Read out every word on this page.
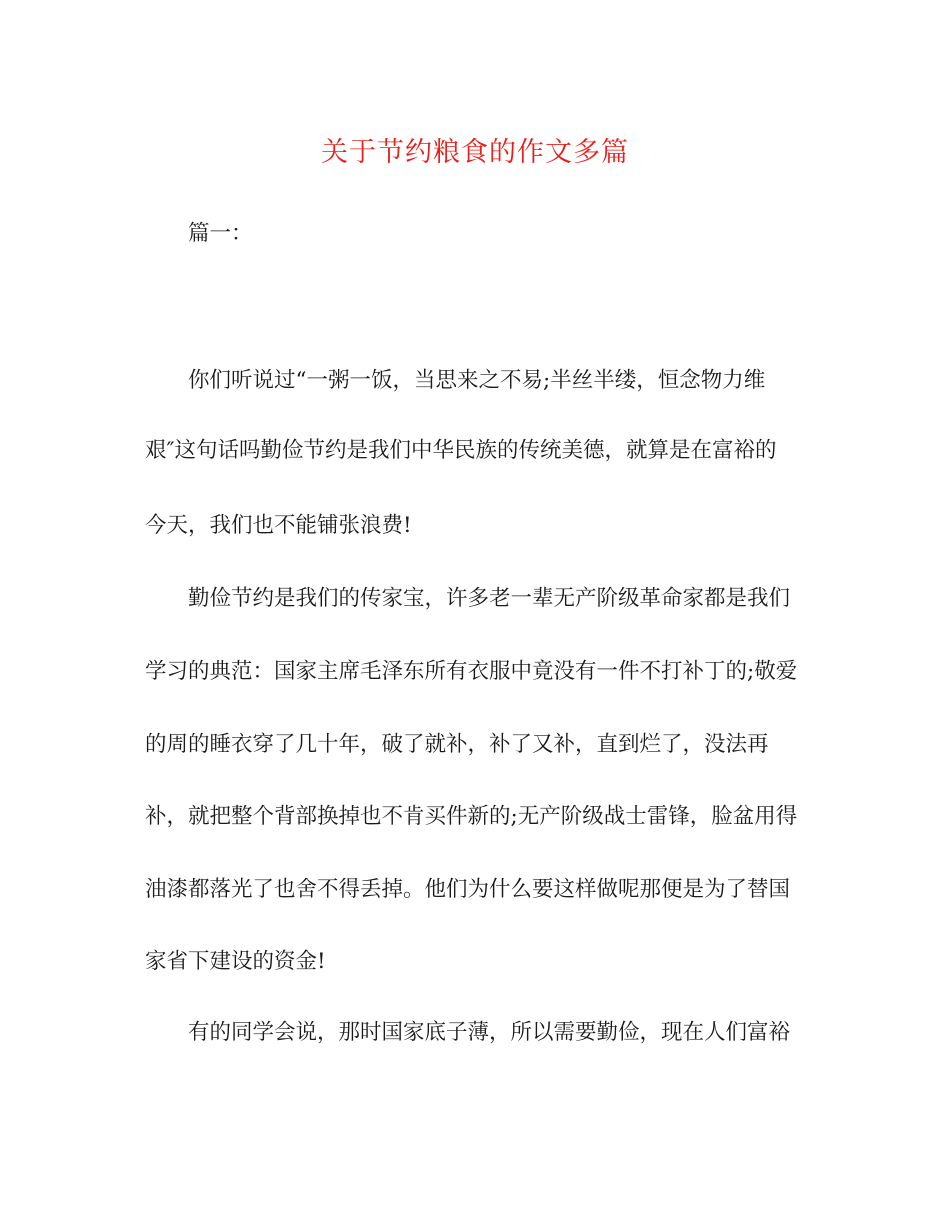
关于节约粮食的作文多篇

篇一：

你们听说过“一粥一饭，当思来之不易;半丝半缕，恒念物力维

艰″这句话吗勤俭节约是我们中华民族的传统美德，就算是在富裕的

今天，我们也不能铺张浪费!

勤俭节约是我们的传家宝，许多老一辈无产阶级革命家都是我们

学习的典范：国家主席毛泽东所有衣服中竟没有一件不打补丁的;敬爱

的周的睡衣穿了几十年，破了就补，补了又补，直到烂了，没法再

补，就把整个背部换掉也不肯买件新的;无产阶级战士雷锋，脸盆用得

油漆都落光了也舍不得丢掉。他们为什么要这样做呢那便是为了替国

家省下建设的资金!

有的同学会说，那时国家底子薄，所以需要勤俭，现在人们富裕
